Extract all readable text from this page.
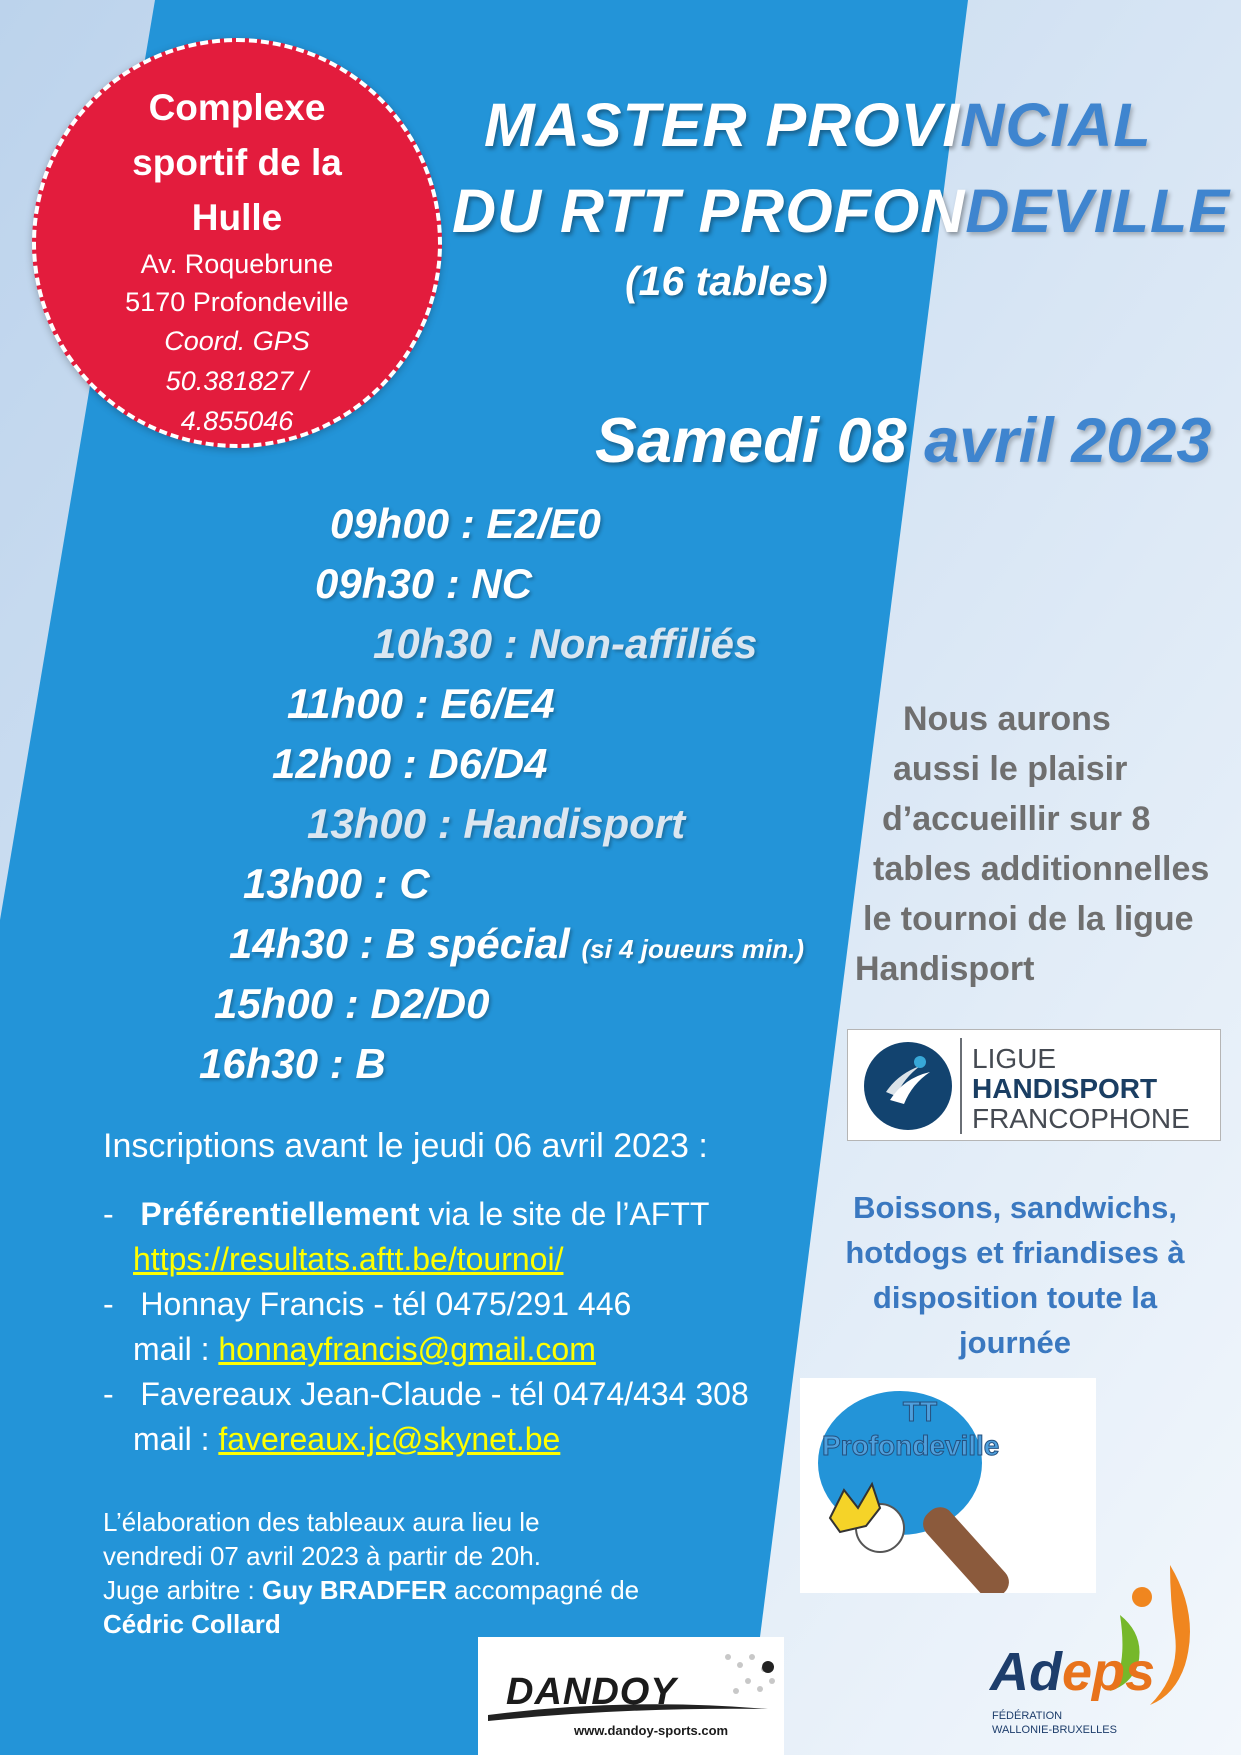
Complexe

sportif de la

Hulle

Av. Roquebrune

5170 Profondeville

Coord. GPS

50.381827 /

4.855046

MASTER PROVINCIAL
DU RTT PROFONDEVILLE
(16 tables)
Samedi 08 avril 2023
09h00 : E2/E0
09h30 : NC
10h30 : Non-affiliés
11h00 : E6/E4
12h00 : D6/D4
13h00 : Handisport
13h00 : C
14h30 : B spécial (si 4 joueurs min.)
15h00 : D2/D0
16h30 : B
Nous aurons
aussi le plaisir
d’accueillir sur 8
tables additionnelles
le tournoi de la ligue
Handisport
LIGUE
HANDISPORT
FRANCOPHONE
Boissons, sandwichs,
hotdogs et friandises à
disposition toute la
journée
TT
Profondeville
Inscriptions avant le jeudi 06 avril 2023 :
- Préférentiellement via le site de l’AFTT
https://resultats.aftt.be/tournoi/
- Honnay Francis - tél 0475/291 446
mail : honnayfrancis@gmail.com
- Favereaux Jean-Claude - tél 0474/434 308
mail : favereaux.jc@skynet.be
L’élaboration des tableaux aura lieu le
vendredi 07 avril 2023 à partir de 20h.
Juge arbitre : Guy BRADFER accompagné de
Cédric Collard
DANDOY
www.dandoy-sports.com
Adeps
FÉDÉRATION
WALLONIE-BRUXELLES
